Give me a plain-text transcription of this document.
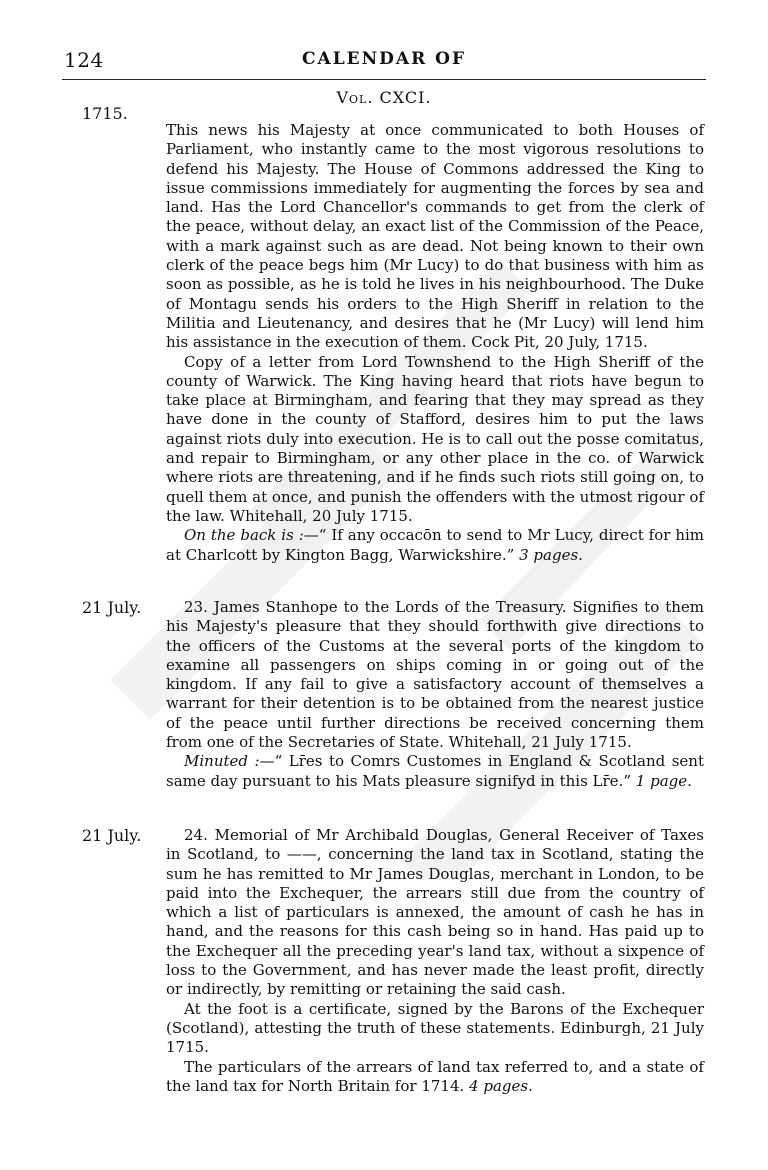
124	CALENDAR OF
Vol. CXCI.
1715.

This news his Majesty at once communicated to both Houses of Parliament, who instantly came to the most vigorous resolutions to defend his Majesty. The House of Commons addressed the King to issue commissions immediately for augmenting the forces by sea and land. Has the Lord Chancellor's commands to get from the clerk of the peace, without delay, an exact list of the Commission of the Peace, with a mark against such as are dead. Not being known to their own clerk of the peace begs him (Mr Lucy) to do that business with him as soon as possible, as he is told he lives in his neighbourhood. The Duke of Montagu sends his orders to the High Sheriff in relation to the Militia and Lieutenancy, and desires that he (Mr Lucy) will lend him his assistance in the execution of them. Cock Pit, 20 July, 1715.

Copy of a letter from Lord Townshend to the High Sheriff of the county of Warwick. The King having heard that riots have begun to take place at Birmingham, and fearing that they may spread as they have done in the county of Stafford, desires him to put the laws against riots duly into execution. He is to call out the posse comitatus, and repair to Birmingham, or any other place in the co. of Warwick where riots are threatening, and if he finds such riots still going on, to quell them at once, and punish the offenders with the utmost rigour of the law. Whitehall, 20 July 1715.

On the back is :—“ If any occacōn to send to Mr Lucy, direct for him at Charlcott by Kington Bagg, Warwickshire.” 3 pages.

21 July.	23. James Stanhope to the Lords of the Treasury. Signifies to them his Majesty's pleasure that they should forthwith give directions to the officers of the Customs at the several ports of the kingdom to examine all passengers on ships coming in or going out of the kingdom. If any fail to give a satisfactory account of themselves a warrant for their detention is to be obtained from the nearest justice of the peace until further directions be received concerning them from one of the Secretaries of State. Whitehall, 21 July 1715.

Minuted :—“ Lr̄es to Comrs Customes in England & Scotland sent same day pursuant to his Mats pleasure signifyd in this Lr̄e.” 1 page.

21 July.	24. Memorial of Mr Archibald Douglas, General Receiver of Taxes in Scotland, to ——, concerning the land tax in Scotland, stating the sum he has remitted to Mr James Douglas, merchant in London, to be paid into the Exchequer, the arrears still due from the country of which a list of particulars is annexed, the amount of cash he has in hand, and the reasons for this cash being so in hand. Has paid up to the Exchequer all the preceding year's land tax, without a sixpence of loss to the Government, and has never made the least profit, directly or indirectly, by remitting or retaining the said cash.

At the foot is a certificate, signed by the Barons of the Exchequer (Scotland), attesting the truth of these statements. Edinburgh, 21 July 1715.

The particulars of the arrears of land tax referred to, and a state of the land tax for North Britain for 1714. 4 pages.
